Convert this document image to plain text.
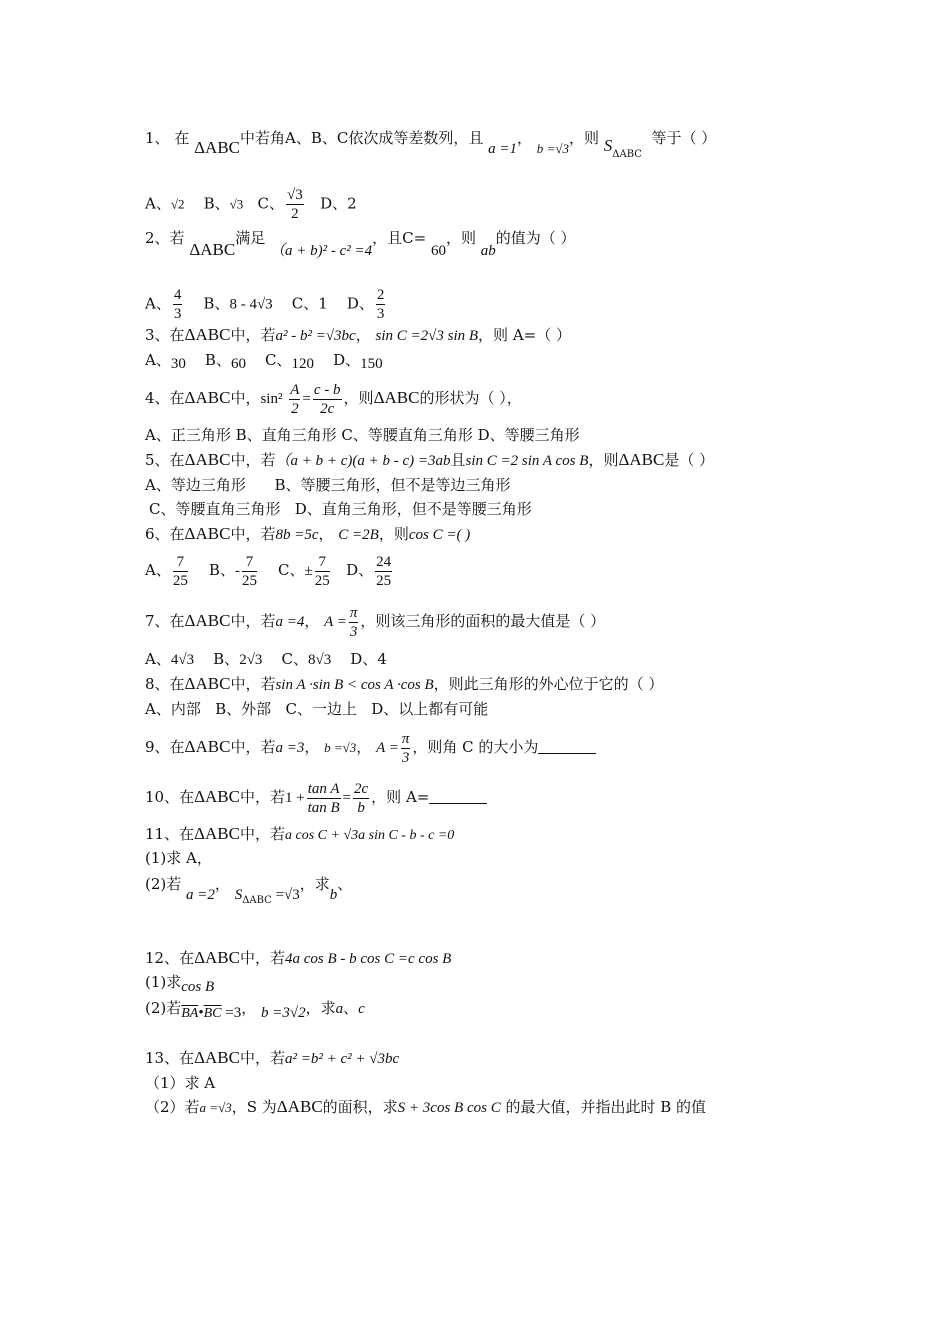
1、 在 ΔABC中若角A、B、C依次成等差数列，且 a =1， b =√3，则 $S_{\Delta ABC}$  等于（ ）
A、√2 B、√3 C、 $\frac{√3}{2}$ D、2
2、若 ΔABC满足 （a + b)² - c² =4，且C= 60，则 ab的值为（ ）
A、 $\frac{4}{3}$ B、8 - 4√3 C、1 D、 $\frac{2}{3}$
3、在ΔABC中，若a² - b² =√3bc， sin C =2√3 sin B，则 A=（ ）
A、30 B、60 C、120 D、150
4、在ΔABC中，$\sin^2 \frac{A}{2} = \frac{c - b}{2c}$ ，则ΔABC的形状为（ ），
A、正三角形 B、直角三角形 C、等腰直角三角形 D、等腰三角形
5、在ΔABC中，若（a + b + c)(a + b - c) =3ab且sin C =2 sin A cos B，则ΔABC是（ ）
A、等边三角形      B、等腰三角形，但不是等边三角形
C、等腰直角三角形   D、直角三角形，但不是等腰三角形
6、在ΔABC中，若8b =5c， C =2B，则cos C =( )
A、 $\frac{7}{25}$ B、- $\frac{7}{25}$ C、± $\frac{7}{25}$ D、 $\frac{24}{25}$
7、在ΔABC中，若a =4， $A = \frac{\pi}{3}$ ，则该三角形的面积的最大值是（ ）
A、4√3 B、2√3 C、8√3 D、4
8、在ΔABC中，若sin A ·sin B < cos A ·cos B，则此三角形的外心位于它的（ ）
A、内部   B、外部   C、一边上   D、以上都有可能
9、在ΔABC中，若a =3， b =√3， $A = \frac{\pi}{3}$ ，则角 C 的大小为
10、在ΔABC中，若$1 + \frac{\text{tan A}}{\text{tan B}} = \frac{2c}{b}$ ，则 A=
11、在ΔABC中，若a cos C + √3a sin C - b - c =0
(1)求 A，
(2)若 a =2， $S_{\Delta ABC} =√3$，求b、
12、在ΔABC中，若4a cos B - b cos C =c cos B
(1)求cos B
(2)若$\overline{BA}•\overline{BC} =3$， b =3√2，求a、c
13、在ΔABC中，若a² =b² + c² + √3bc
（1）求 A
（2）若a =√3，S 为ΔABC的面积，求S + 3cos B cos C 的最大值，并指出此时 B 的值
